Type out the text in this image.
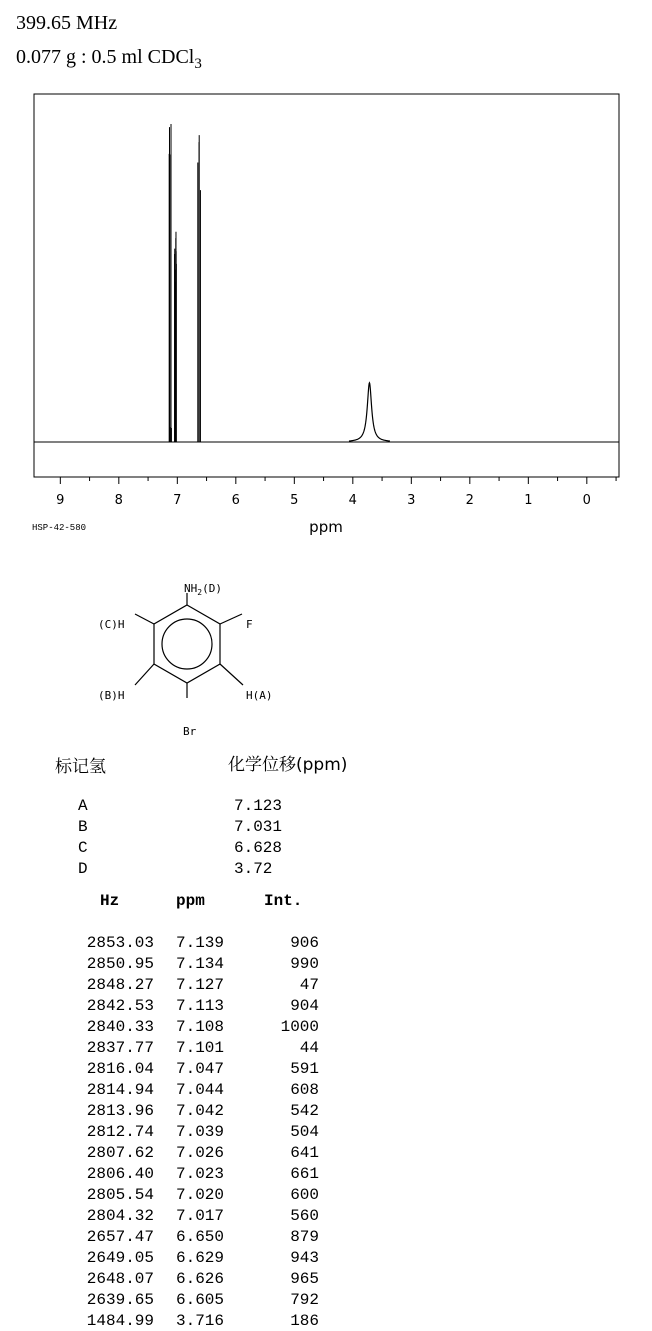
399.65 MHz
0.077 g : 0.5 ml CDCl$_3$
9	8	7	6	5	4	3	2	1	0
ppm
HSP-42-580
$NH_2(D)$
(C)H	F
(B)H	H(A)
Br
标记氢	化学位移(ppm)
A	7.123
B	7.031
C	6.628
D	3.72
Hz	ppm	Int.
2853.03	7.139	906
2850.95	7.134	990
2848.27	7.127	47
2842.53	7.113	904
2840.33	7.108	1000
2837.77	7.101	44
2816.04	7.047	591
2814.94	7.044	608
2813.96	7.042	542
2812.74	7.039	504
2807.62	7.026	641
2806.40	7.023	661
2805.54	7.020	600
2804.32	7.017	560
2657.47	6.650	879
2649.05	6.629	943
2648.07	6.626	965
2639.65	6.605	792
1484.99	3.716	186
